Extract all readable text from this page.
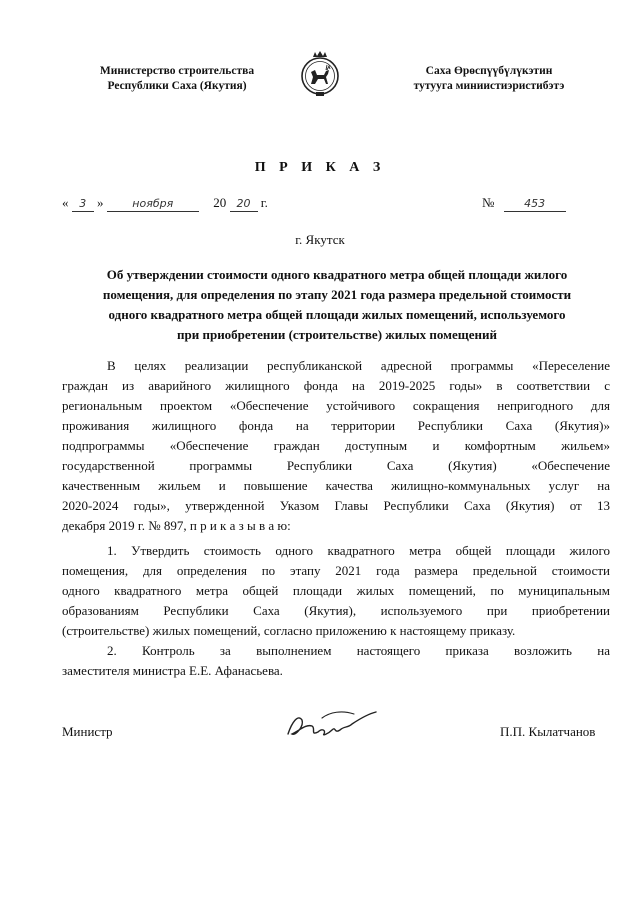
Министерство строительства
Республики Саха (Якутия)
Саха Өрөспүүбүлүкэтин
тутууга миниистиэристибэтэ
П Р И К А З
« 3 »	ноября	20 20 г.	№	453
г. Якутск
Об утверждении стоимости одного квадратного метра общей площади жилого
помещения, для определения по этапу 2021 года размера предельной стоимости
одного квадратного метра общей площади жилых помещений, используемого
при приобретении (строительстве) жилых помещений
В целях реализации республиканской адресной программы «Переселение
граждан из аварийного жилищного фонда на 2019-2025 годы» в соответствии с
региональным проектом «Обеспечение устойчивого сокращения непригодного для
проживания жилищного фонда на территории Республики Саха (Якутия)»
подпрограммы «Обеспечение граждан доступным и комфортным жильем»
государственной программы Республики Саха (Якутия) «Обеспечение
качественным жильем и повышение качества жилищно-коммунальных услуг на
2020-2024 годы», утвержденной Указом Главы Республики Саха (Якутия) от 13
декабря 2019 г. № 897, п р и к а з ы в а ю:
1. Утвердить стоимость одного квадратного метра общей площади жилого
помещения, для определения по этапу 2021 года размера предельной стоимости
одного квадратного метра общей площади жилых помещений, по муниципальным
образованиям Республики Саха (Якутия), используемого при приобретении
(строительстве) жилых помещений, согласно приложению к настоящему приказу.
2. Контроль за выполнением настоящего приказа возложить на
заместителя министра Е.Е. Афанасьева.
Министр	П.П. Кылатчанов
